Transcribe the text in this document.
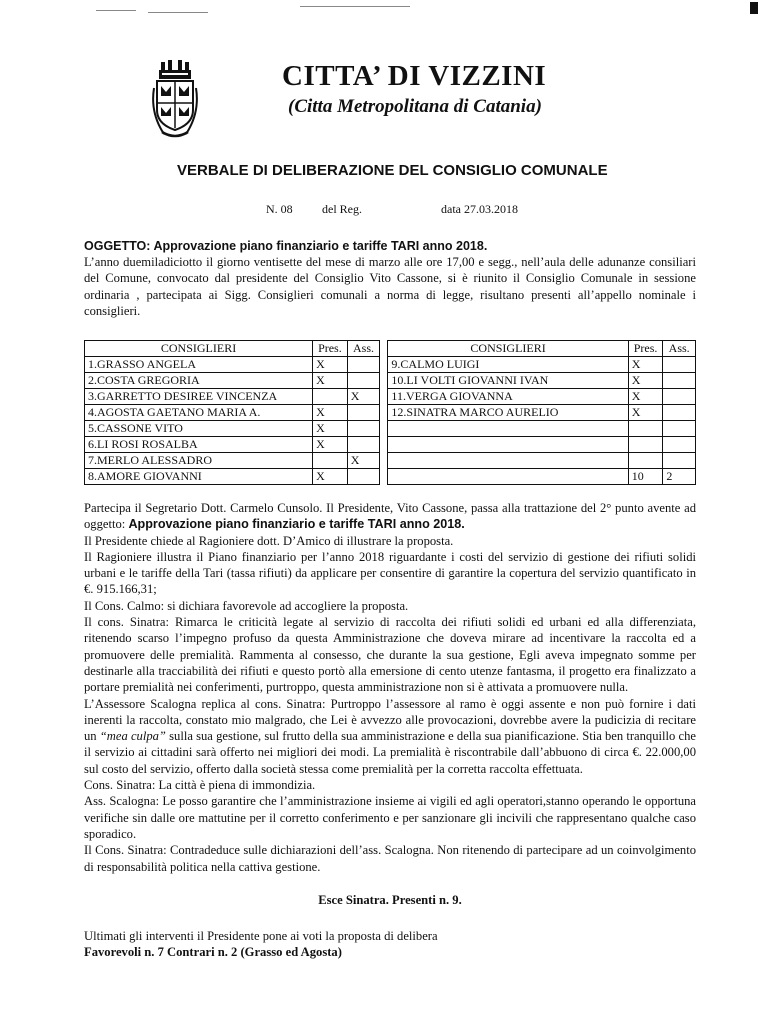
CITTA’ DI VIZZINI
(Citta Metropolitana di Catania)
VERBALE DI DELIBERAZIONE DEL CONSIGLIO COMUNALE
N. 08 del Reg.	data 27.03.2018
OGGETTO: Approvazione piano finanziario e tariffe TARI anno 2018.

L’anno duemiladiciotto il giorno ventisette del mese di marzo alle ore 17,00 e segg., nell’aula delle adunanze consiliari del Comune, convocato dal presidente del Consiglio Vito Cassone, si è riunito il Consiglio Comunale in sessione ordinaria , partecipata ai Sigg. Consiglieri comunali a norma di legge, risultano presenti all’appello nominale i consiglieri.

CONSIGLIERI	Pres.	Ass.		CONSIGLIERI	Pres.	Ass.
1.GRASSO ANGELA	X			9.CALMO LUIGI	X	
2.COSTA GREGORIA	X			10.LI VOLTI GIOVANNI IVAN	X	
3.GARRETTO DESIREE VINCENZA		X		11.VERGA GIOVANNA	X	
4.AGOSTA GAETANO MARIA A.	X			12.SINATRA MARCO AURELIO	X	
5.CASSONE VITO	X					
6.LI ROSI ROSALBA	X					
7.MERLO ALESSADRO		X				
8.AMORE GIOVANNI	X				10	2

Partecipa il Segretario Dott. Carmelo Cunsolo. Il Presidente, Vito Cassone, passa alla trattazione del 2° punto avente ad oggetto: Approvazione piano finanziario e tariffe TARI anno 2018.

Il Presidente chiede al Ragioniere dott. D’Amico di illustrare la proposta.

Il Ragioniere illustra il Piano finanziario per l’anno 2018 riguardante i costi del servizio di gestione dei rifiuti solidi urbani e le tariffe della Tari (tassa rifiuti) da applicare per consentire di garantire la copertura del servizio quantificato in €. 915.166,31;

Il Cons. Calmo: si dichiara favorevole ad accogliere la proposta.

Il cons. Sinatra: Rimarca le criticità legate al servizio di raccolta dei rifiuti solidi ed urbani ed alla differenziata, ritenendo scarso l’impegno profuso da questa Amministrazione che doveva mirare ad incentivare la raccolta ed a promuovere delle premialità. Rammenta al consesso, che durante la sua gestione, Egli aveva impegnato somme per destinarle alla tracciabilità dei rifiuti e questo portò alla emersione di cento utenze fantasma, il progetto era finalizzato a portare premialità nei conferimenti, purtroppo, questa amministrazione non si è attivata a promuovere nulla.

L’Assessore Scalogna replica al cons. Sinatra: Purtroppo l’assessore al ramo è oggi assente e non può fornire i dati inerenti la raccolta, constato mio malgrado, che Lei è avvezzo alle provocazioni, dovrebbe avere la pudicizia di recitare un “mea culpa” sulla sua gestione, sul frutto della sua amministrazione e della sua pianificazione. Stia ben tranquillo che il servizio ai cittadini sarà offerto nei migliori dei modi. La premialità è riscontrabile dall’abbuono di circa €. 22.000,00 sul costo del servizio, offerto dalla società stessa come premialità per la corretta raccolta effettuata.

Cons. Sinatra: La città è piena di immondizia.

Ass. Scalogna: Le posso garantire che l’amministrazione insieme ai vigili ed agli operatori,stanno operando le opportuna verifiche sin dalle ore mattutine per il corretto conferimento e per sanzionare gli incivili che rappresentano qualche caso sporadico.

Il Cons. Sinatra: Contradeduce sulle dichiarazioni dell’ass. Scalogna. Non ritenendo di partecipare ad un coinvolgimento di responsabilità politica nella cattiva gestione.

Esce Sinatra. Presenti n. 9.
Ultimati gli interventi il Presidente pone ai voti la proposta di delibera
Favorevoli n. 7 Contrari n. 2 (Grasso ed Agosta)
